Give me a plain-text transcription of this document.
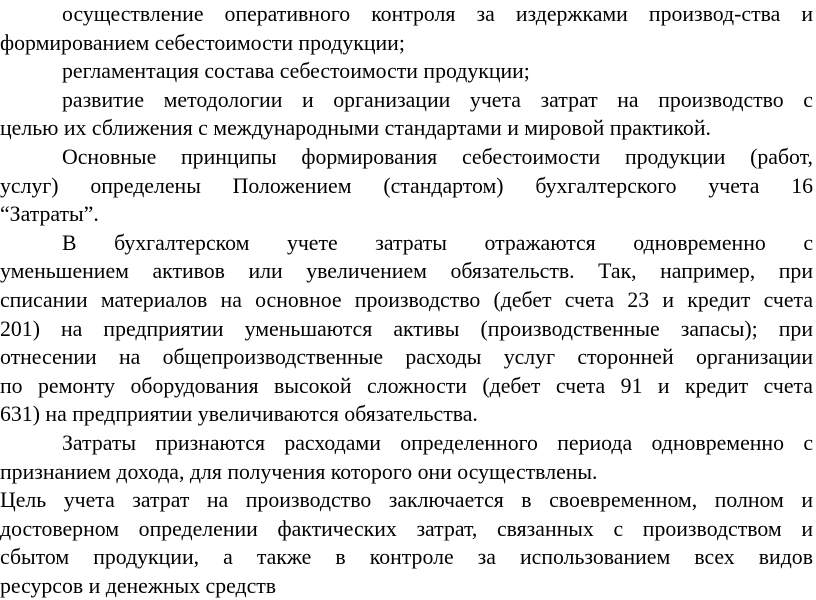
осуществление оперативного контроля за издержками производ-ства и
формированием себестоимости продукции;
регламентация состава себестоимости продукции;
развитие методологии и организации учета затрат на производство с
целью их сближения с международными стандартами и мировой практикой.
Основные принципы формирования себестоимости продукции (работ,
услуг) определены Положением (стандартом) бухгалтерского учета 16
“Затраты”.
В бухгалтерском учете затраты отражаются одновременно с
уменьшением активов или увеличением обязательств. Так, например, при
списании материалов на основное производство (дебет счета 23 и кредит счета
201) на предприятии уменьшаются активы (производственные запасы); при
отнесении на общепроизводственные расходы услуг сторонней организации
по ремонту оборудования высокой сложности (дебет счета 91 и кредит счета
631) на предприятии увеличиваются обязательства.
Затраты признаются расходами определенного периода одновременно с
признанием дохода, для получения которого они осуществлены.
Цель учета затрат на производство заключается в своевременном, полном и
достоверном определении фактических затрат, связанных с производством и
сбытом продукции, а также в контроле за использованием всех видов
ресурсов и денежных средств
